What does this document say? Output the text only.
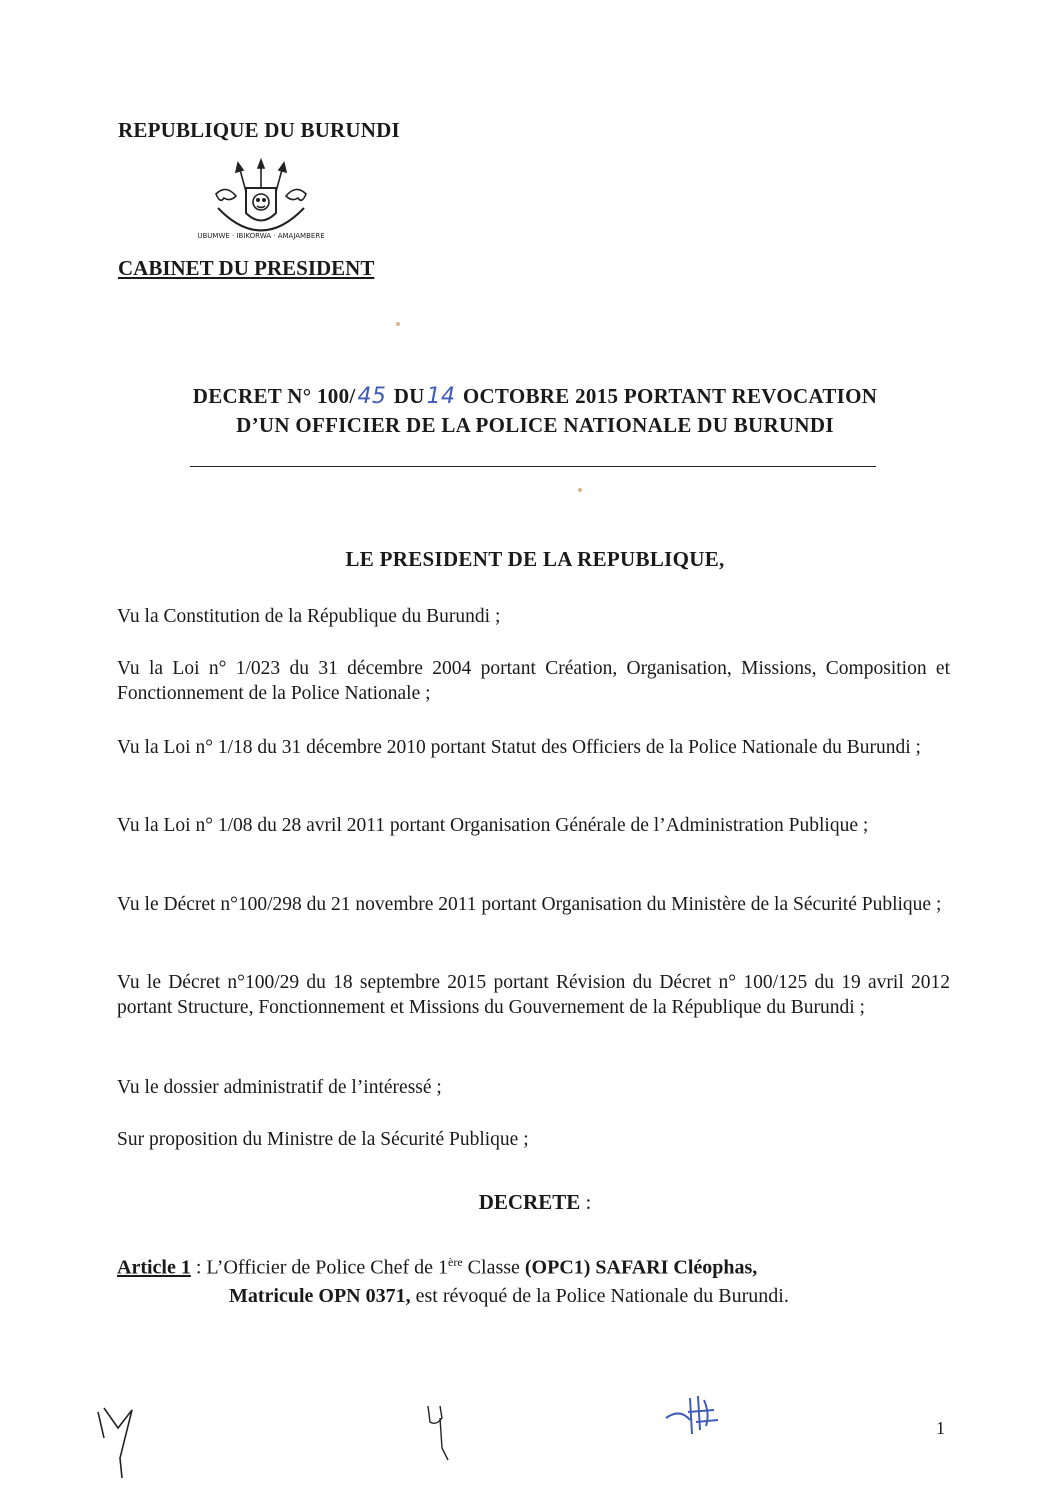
REPUBLIQUE DU BURUNDI
UBUMWE · IBIKORWA · AMAJAMBERE
CABINET DU PRESIDENT
DECRET N° 100/45 DU14 OCTOBRE 2015 PORTANT REVOCATION
D’UN OFFICIER DE LA POLICE NATIONALE DU BURUNDI
LE PRESIDENT DE LA REPUBLIQUE,

Vu la Constitution de la République du Burundi ;

Vu la Loi n° 1/023 du 31 décembre 2004 portant Création, Organisation, Missions, Composition et Fonctionnement de la Police Nationale ;

Vu la Loi n° 1/18 du 31 décembre 2010 portant Statut des Officiers de la Police Nationale du Burundi ;

Vu la Loi n° 1/08 du 28 avril 2011 portant Organisation Générale de l’Administration Publique ;

Vu le Décret n°100/298 du 21 novembre 2011 portant Organisation du Ministère de la Sécurité Publique ;

Vu le Décret n°100/29 du 18 septembre 2015 portant Révision du Décret n° 100/125 du 19 avril 2012 portant Structure, Fonctionnement et Missions du Gouvernement de la République du Burundi ;

Vu le dossier administratif de l’intéressé ;

Sur proposition du Ministre de la Sécurité Publique ;

DECRETE :
Article 1 : L’Officier de Police Chef de 1ère Classe (OPC1) SAFARI Cléophas,
Matricule OPN 0371, est révoqué de la Police Nationale du Burundi.
1
